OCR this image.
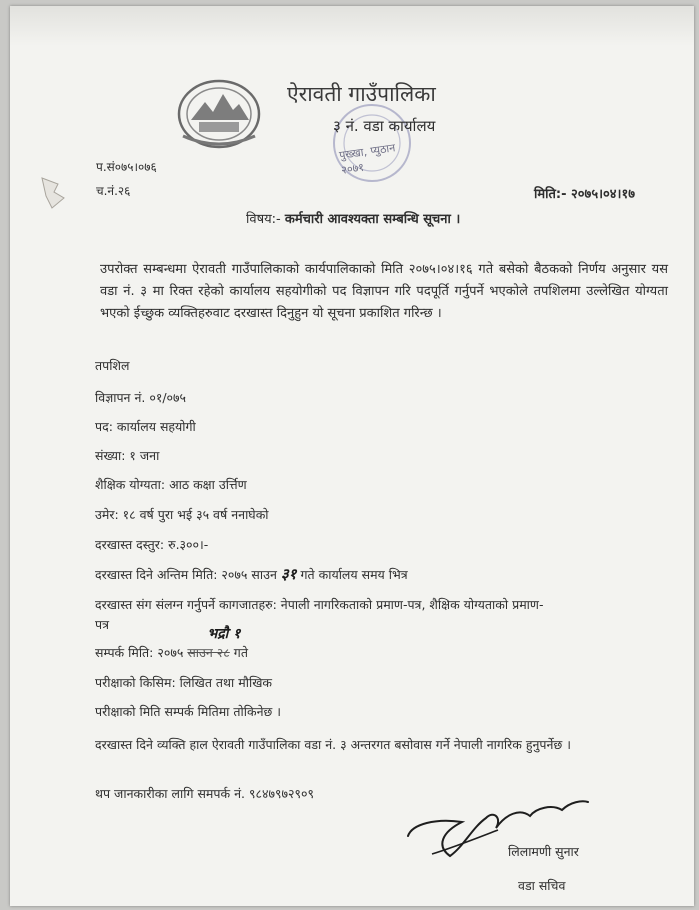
ऐरावती गाउँपालिका
३ नं. वडा कार्यालय
पुख्खा, प्युठान
२०७१
प.सं०७५।०७६
च.नं.२६	मिति:- २०७५।०४।१७
विषय:- कर्मचारी आवश्यक्ता सम्बन्धि सूचना ।
उपरोक्त सम्बन्धमा ऐरावती गाउँपालिकाको कार्यपालिकाको मिति २०७५।०४।१६ गते बसेको बैठकको निर्णय अनुसार यस वडा नं. ३ मा रिक्त रहेको कार्यालय सहयोगीको पद विज्ञापन गरि पदपूर्ति गर्नुपर्ने भएकोले तपशिलमा उल्लेखित योग्यता भएको ईच्छुक व्यक्तिहरुवाट दरखास्त दिनुहुन यो सूचना प्रकाशित गरिन्छ ।
तपशिल
विज्ञापन नं. ०१/०७५
पद: कार्यालय सहयोगी
संख्या: १ जना
शैक्षिक योग्यता: आठ कक्षा उर्त्तिण
उमेर: १८ वर्ष पुरा भई ३५ वर्ष ननाघेको
दरखास्त दस्तुर: रु.३००।-
दरखास्त दिने अन्तिम मिति: २०७५ साउन ३१ गते कार्यालय समय भित्र
दरखास्त संग संलग्न गर्नुपर्ने कागजातहरु: नेपाली नागरिकताको प्रमाण-पत्र, शैक्षिक योग्यताको प्रमाण-
पत्र
सम्पर्क मिति: २०७५
भद्रौ १
साउन २८ गते
परीक्षाको किसिम: लिखित तथा मौखिक
परीक्षाको मिति सम्पर्क मितिमा तोकिनेछ ।
दरखास्त दिने व्यक्ति हाल ऐरावती गाउँपालिका वडा नं. ३ अन्तरगत बसोवास गर्ने नेपाली नागरिक हुनुपर्नेछ ।
थप जानकारीका लागि समपर्क नं. ९८४७९७२९०९
लिलामणी सुनार
वडा सचिव
